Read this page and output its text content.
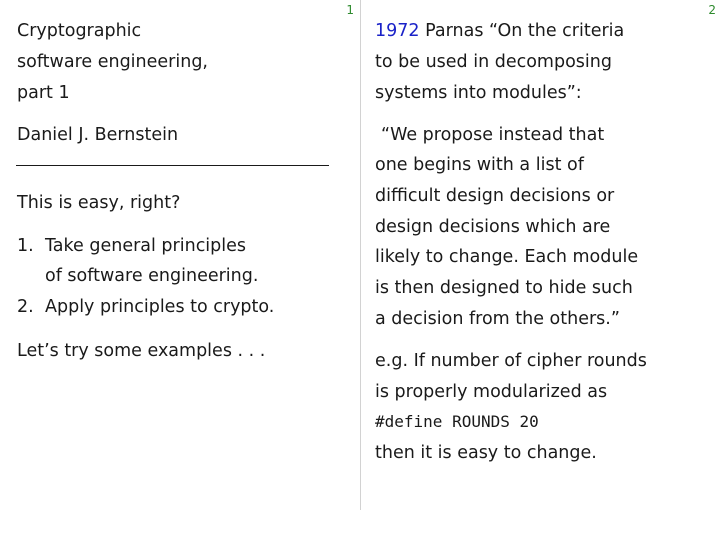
1
Cryptographic
software engineering,
part 1
Daniel J. Bernstein
This is easy, right?
1. Take general principles
of software engineering.
2. Apply principles to crypto.
Let’s try some examples . . .
2
1972 Parnas “On the criteria
to be used in decomposing
systems into modules”:
“We propose instead that
one begins with a list of
difficult design decisions or
design decisions which are
likely to change. Each module
is then designed to hide such
a decision from the others.”
e.g. If number of cipher rounds
is properly modularized as
#define ROUNDS 20
then it is easy to change.
